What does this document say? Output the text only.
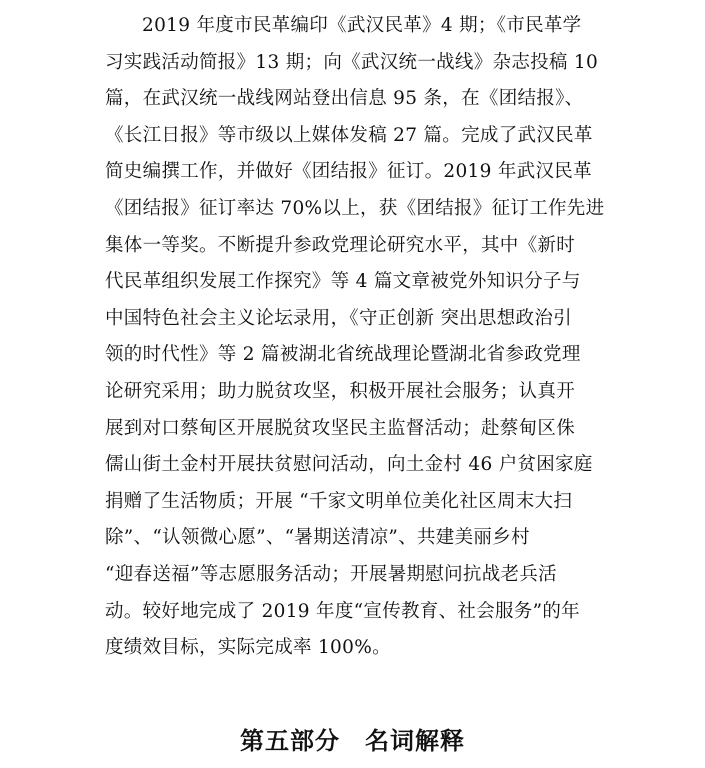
2019 年度市民革编印《武汉民革》4 期；《市民革学
习实践活动简报》13 期；向《武汉统一战线》杂志投稿 10
篇，在武汉统一战线网站登出信息 95 条，在《团结报》、
《长江日报》等市级以上媒体发稿 27 篇。完成了武汉民革
简史编撰工作，并做好《团结报》征订。2019 年武汉民革
《团结报》征订率达 70%以上，获《团结报》征订工作先进
集体一等奖。不断提升参政党理论研究水平，其中《新时
代民革组织发展工作探究》等 4 篇文章被党外知识分子与
中国特色社会主义论坛录用，《守正创新 突出思想政治引
领的时代性》等 2 篇被湖北省统战理论暨湖北省参政党理
论研究采用；助力脱贫攻坚，积极开展社会服务；认真开
展到对口蔡甸区开展脱贫攻坚民主监督活动；赴蔡甸区侏
儒山街土金村开展扶贫慰问活动，向土金村 46 户贫困家庭
捐赠了生活物质；开展 “千家文明单位美化社区周末大扫
除”、“认领微心愿”、“暑期送清凉”、共建美丽乡村
“迎春送福”等志愿服务活动；开展暑期慰问抗战老兵活
动。较好地完成了 2019 年度“宣传教育、社会服务”的年
度绩效目标，实际完成率 100%。
第五部分　名词解释
